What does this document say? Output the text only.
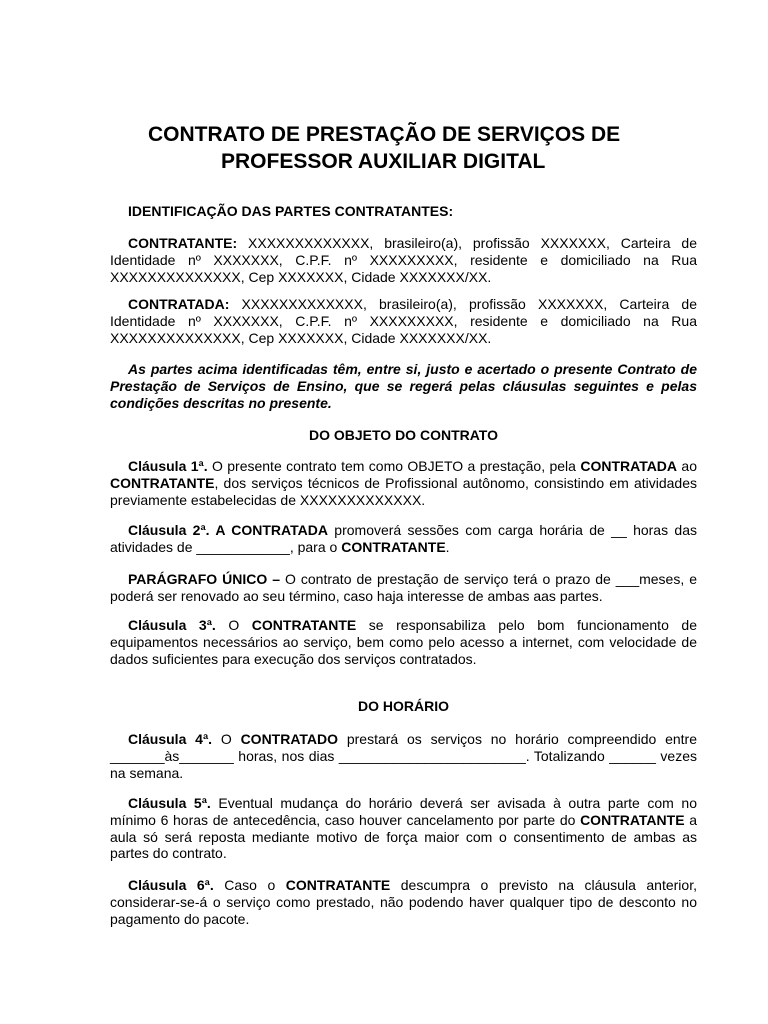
CONTRATO DE PRESTAÇÃO DE SERVIÇOS DE
PROFESSOR AUXILIAR DIGITAL

IDENTIFICAÇÃO DAS PARTES CONTRATANTES:

CONTRATANTE: XXXXXXXXXXXXX, brasileiro(a), profissão XXXXXXX, Carteira de Identidade nº XXXXXXX, C.P.F. nº XXXXXXXXX, residente e domiciliado na Rua XXXXXXXXXXXXXX, Cep XXXXXXX, Cidade XXXXXXX/XX.

CONTRATADA: XXXXXXXXXXXXX, brasileiro(a), profissão XXXXXXX, Carteira de Identidade nº XXXXXXX, C.P.F. nº XXXXXXXXX, residente e domiciliado na Rua XXXXXXXXXXXXXX, Cep XXXXXXX, Cidade XXXXXXX/XX.

As partes acima identificadas têm, entre si, justo e acertado o presente Contrato de Prestação de Serviços de Ensino, que se regerá pelas cláusulas seguintes e pelas condições descritas no presente.

DO OBJETO DO CONTRATO

Cláusula 1ª. O presente contrato tem como OBJETO a prestação, pela CONTRATADA ao CONTRATANTE, dos serviços técnicos de Profissional autônomo, consistindo em atividades previamente estabelecidas de XXXXXXXXXXXXX.

Cláusula 2ª. A CONTRATADA promoverá sessões com carga horária de __ horas das atividades de ____________, para o CONTRATANTE.

PARÁGRAFO ÚNICO – O contrato de prestação de serviço terá o prazo de ___meses, e poderá ser renovado ao seu término, caso haja interesse de ambas aas partes.

Cláusula 3ª. O CONTRATANTE se responsabiliza pelo bom funcionamento de equipamentos necessários ao serviço, bem como pelo acesso a internet, com velocidade de dados suficientes para execução dos serviços contratados.

DO HORÁRIO

Cláusula 4ª. O CONTRATADO prestará os serviços no horário compreendido entre _______às_______ horas, nos dias ________________________. Totalizando ______ vezes na semana.

Cláusula 5ª. Eventual mudança do horário deverá ser avisada à outra parte com no mínimo 6 horas de antecedência, caso houver cancelamento por parte do CONTRATANTE a aula só será reposta mediante motivo de força maior com o consentimento de ambas as partes do contrato.

Cláusula 6ª. Caso o CONTRATANTE descumpra o previsto na cláusula anterior, considerar-se-á o serviço como prestado, não podendo haver qualquer tipo de desconto no pagamento do pacote.
